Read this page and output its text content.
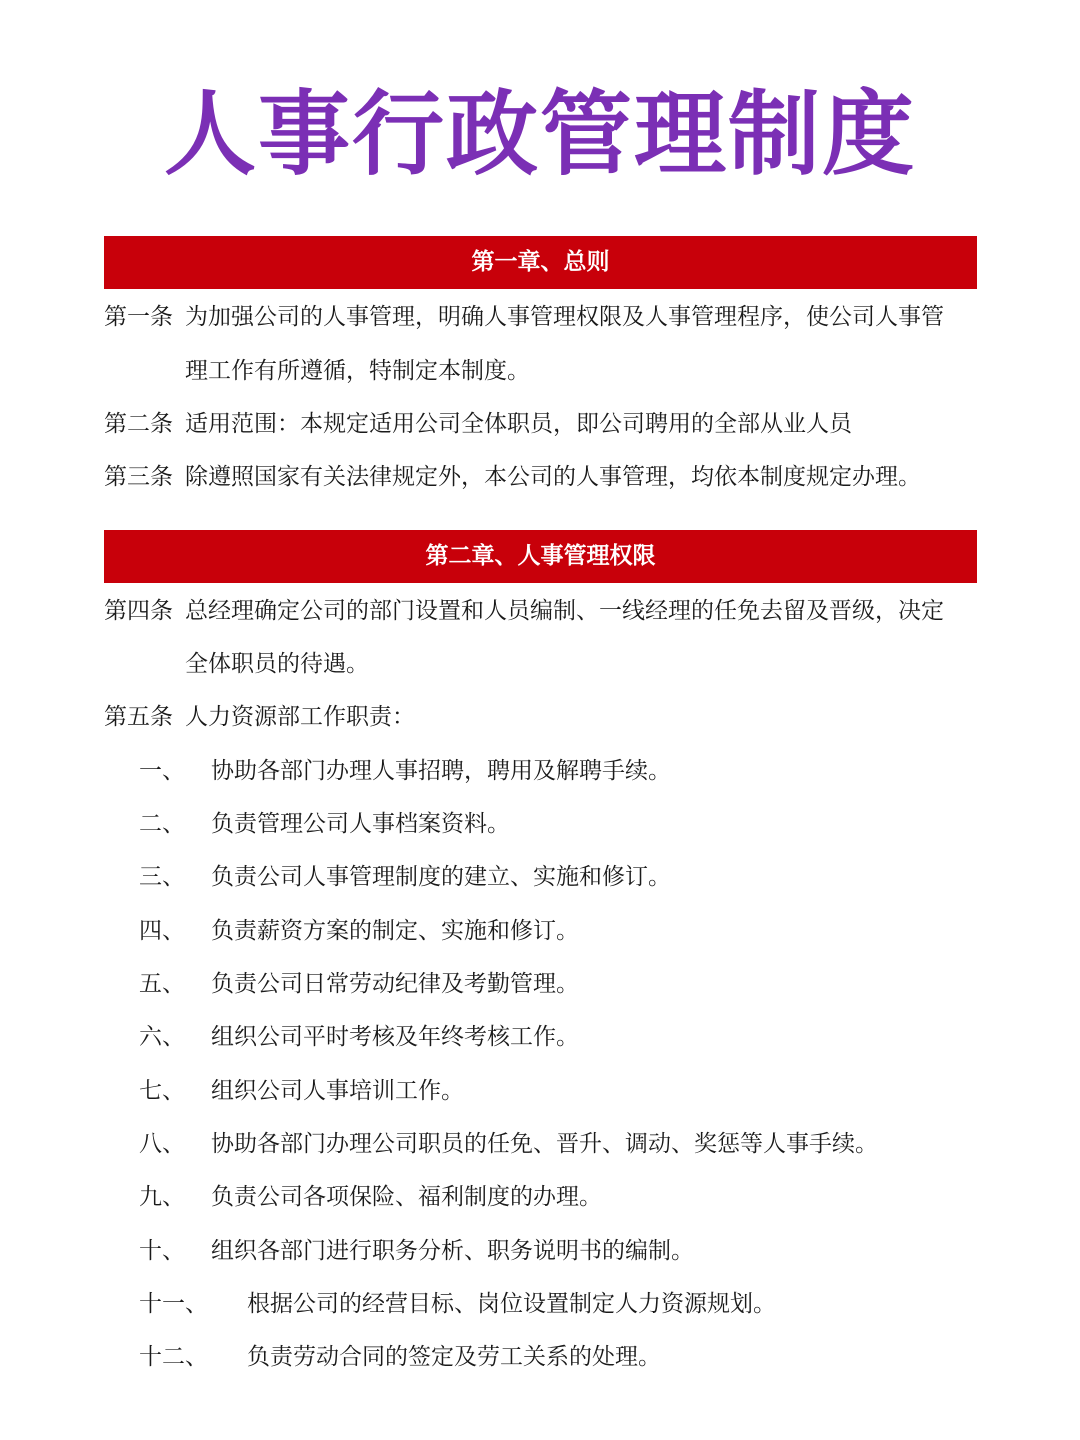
人事行政管理制度
第一章、总则
第一条 为加强公司的人事管理，明确人事管理权限及人事管理程序，使公司人事管
理工作有所遵循，特制定本制度。
第二条 适用范围：本规定适用公司全体职员，即公司聘用的全部从业人员
第三条 除遵照国家有关法律规定外，本公司的人事管理，均依本制度规定办理。
第二章、人事管理权限
第四条 总经理确定公司的部门设置和人员编制、一线经理的任免去留及晋级，决定
全体职员的待遇。
第五条 人力资源部工作职责：
一、 协助各部门办理人事招聘，聘用及解聘手续。
二、 负责管理公司人事档案资料。
三、 负责公司人事管理制度的建立、实施和修订。
四、 负责薪资方案的制定、实施和修订。
五、 负责公司日常劳动纪律及考勤管理。
六、 组织公司平时考核及年终考核工作。
七、 组织公司人事培训工作。
八、 协助各部门办理公司职员的任免、晋升、调动、奖惩等人事手续。
九、 负责公司各项保险、福利制度的办理。
十、 组织各部门进行职务分析、职务说明书的编制。
十一、 根据公司的经营目标、岗位设置制定人力资源规划。
十二、 负责劳动合同的签定及劳工关系的处理。
